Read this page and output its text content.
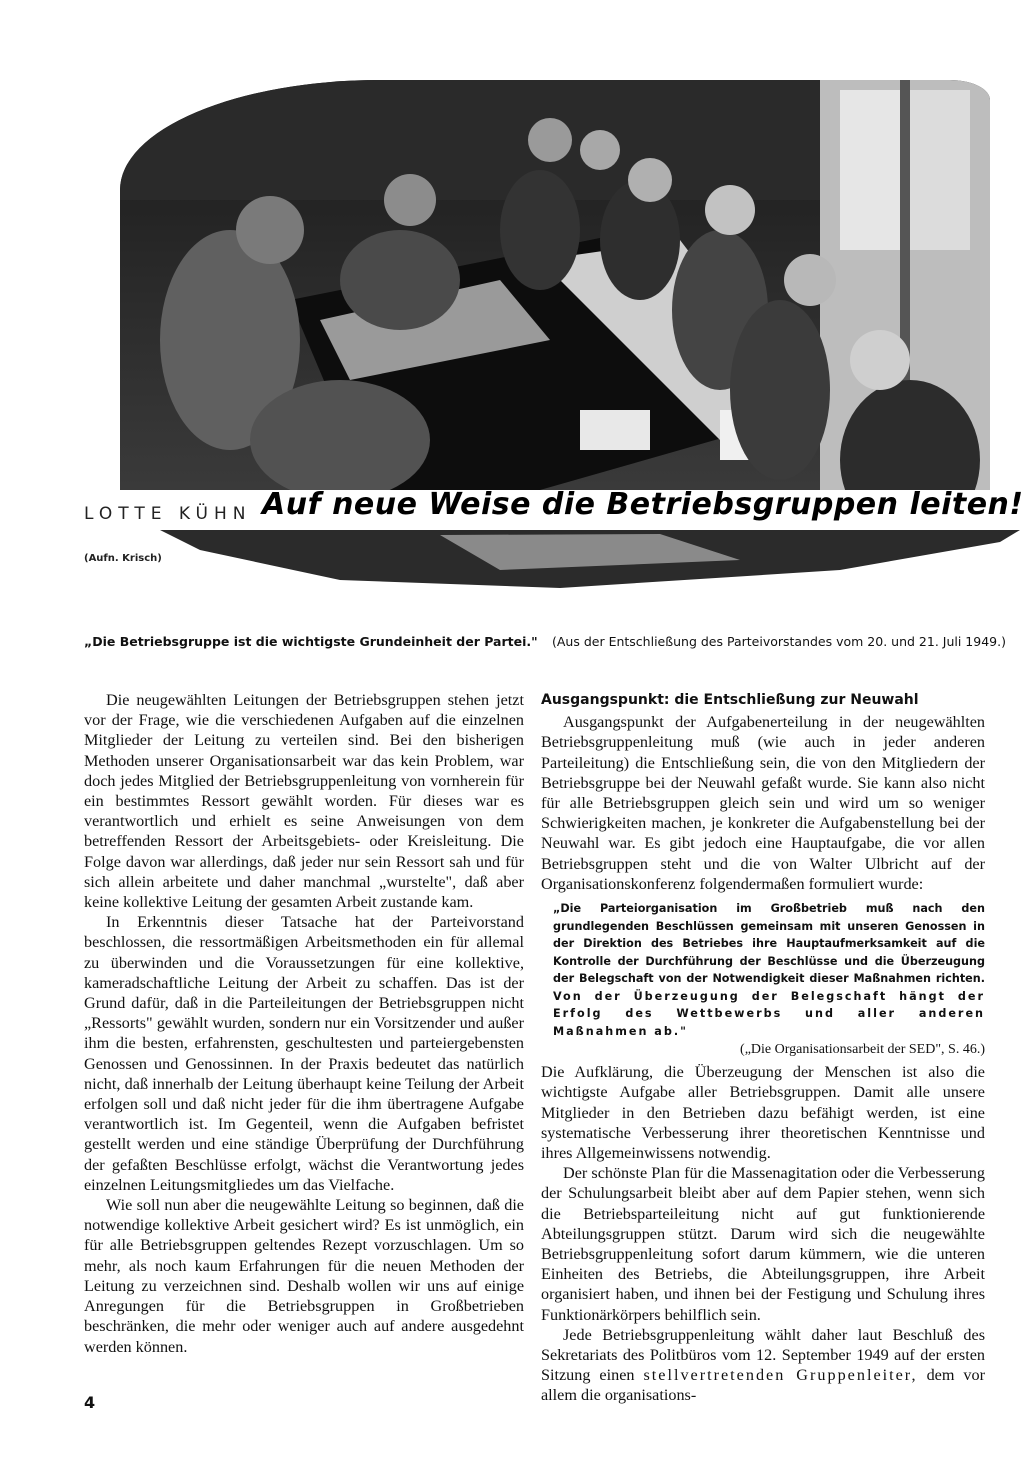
LOTTE KÜHN Auf neue Weise die Betriebsgruppen leiten!
(Aufn. Krisch)
„Die Betriebsgruppe ist die wichtigste Grundeinheit der Partei." (Aus der Entschließung des Parteivorstandes vom 20. und 21. Juli 1949.)

Die neugewählten Leitungen der Betriebsgruppen stehen jetzt vor der Frage, wie die verschiedenen Aufgaben auf die einzelnen Mitglieder der Leitung zu verteilen sind. Bei den bisherigen Methoden unserer Organisationsarbeit war das kein Problem, war doch jedes Mitglied der Betriebsgruppenleitung von vornherein für ein bestimmtes Ressort gewählt worden. Für dieses war es verantwortlich und erhielt es seine Anweisungen von dem betreffenden Ressort der Arbeitsgebiets- oder Kreisleitung. Die Folge davon war allerdings, daß jeder nur sein Ressort sah und für sich allein arbeitete und daher manchmal „wurstelte", daß aber keine kollektive Leitung der gesamten Arbeit zustande kam.

In Erkenntnis dieser Tatsache hat der Parteivorstand beschlossen, die ressortmäßigen Arbeitsmethoden ein für allemal zu überwinden und die Voraussetzungen für eine kollektive, kameradschaftliche Leitung der Arbeit zu schaffen. Das ist der Grund dafür, daß in die Parteileitungen der Betriebsgruppen nicht „Ressorts" gewählt wurden, sondern nur ein Vorsitzender und außer ihm die besten, erfahrensten, geschultesten und parteiergebensten Genossen und Genossinnen. In der Praxis bedeutet das natürlich nicht, daß innerhalb der Leitung überhaupt keine Teilung der Arbeit erfolgen soll und daß nicht jeder für die ihm übertragene Aufgabe verantwortlich ist. Im Gegenteil, wenn die Aufgaben befristet gestellt werden und eine ständige Überprüfung der Durchführung der gefaßten Beschlüsse erfolgt, wächst die Verantwortung jedes einzelnen Leitungsmitgliedes um das Vielfache.

Wie soll nun aber die neugewählte Leitung so beginnen, daß die notwendige kollektive Arbeit gesichert wird? Es ist unmöglich, ein für alle Betriebsgruppen geltendes Rezept vorzuschlagen. Um so mehr, als noch kaum Erfahrungen für die neuen Methoden der Leitung zu verzeichnen sind. Deshalb wollen wir uns auf einige Anregungen für die Betriebsgruppen in Großbetrieben beschränken, die mehr oder weniger auch auf andere ausgedehnt werden können.

Ausgangspunkt: die Entschließung zur Neuwahl

Ausgangspunkt der Aufgabenerteilung in der neugewählten Betriebsgruppenleitung muß (wie auch in jeder anderen Parteileitung) die Entschließung sein, die von den Mitgliedern der Betriebsgruppe bei der Neuwahl gefaßt wurde. Sie kann also nicht für alle Betriebsgruppen gleich sein und wird um so weniger Schwierigkeiten machen, je konkreter die Aufgabenstellung bei der Neuwahl war. Es gibt jedoch eine Hauptaufgabe, die vor allen Betriebsgruppen steht und die von Walter Ulbricht auf der Organisationskonferenz folgendermaßen formuliert wurde:

„Die Parteiorganisation im Großbetrieb muß nach den grundlegenden Beschlüssen gemeinsam mit unseren Genossen in der Direktion des Betriebes ihre Hauptaufmerksamkeit auf die Kontrolle der Durchführung der Beschlüsse und die Überzeugung der Belegschaft von der Notwendigkeit dieser Maßnahmen richten. Von der Überzeugung der Belegschaft hängt der Erfolg des Wettbewerbs und aller anderen Maßnahmen ab."
(„Die Organisationsarbeit der SED", S. 46.)

Die Aufklärung, die Überzeugung der Menschen ist also die wichtigste Aufgabe aller Betriebsgruppen. Damit alle unsere Mitglieder in den Betrieben dazu befähigt werden, ist eine systematische Verbesserung ihrer theoretischen Kenntnisse und ihres Allgemeinwissens notwendig.

Der schönste Plan für die Massenagitation oder die Verbesserung der Schulungsarbeit bleibt aber auf dem Papier stehen, wenn sich die Betriebsparteileitung nicht auf gut funktionierende Abteilungsgruppen stützt. Darum wird sich die neugewählte Betriebsgruppenleitung sofort darum kümmern, wie die unteren Einheiten des Betriebs, die Abteilungsgruppen, ihre Arbeit organisiert haben, und ihnen bei der Festigung und Schulung ihres Funktionärkörpers behilflich sein.

Jede Betriebsgruppenleitung wählt daher laut Beschluß des Sekretariats des Politbüros vom 12. September 1949 auf der ersten Sitzung einen stellvertretenden Gruppenleiter, dem vor allem die organisations-

4
